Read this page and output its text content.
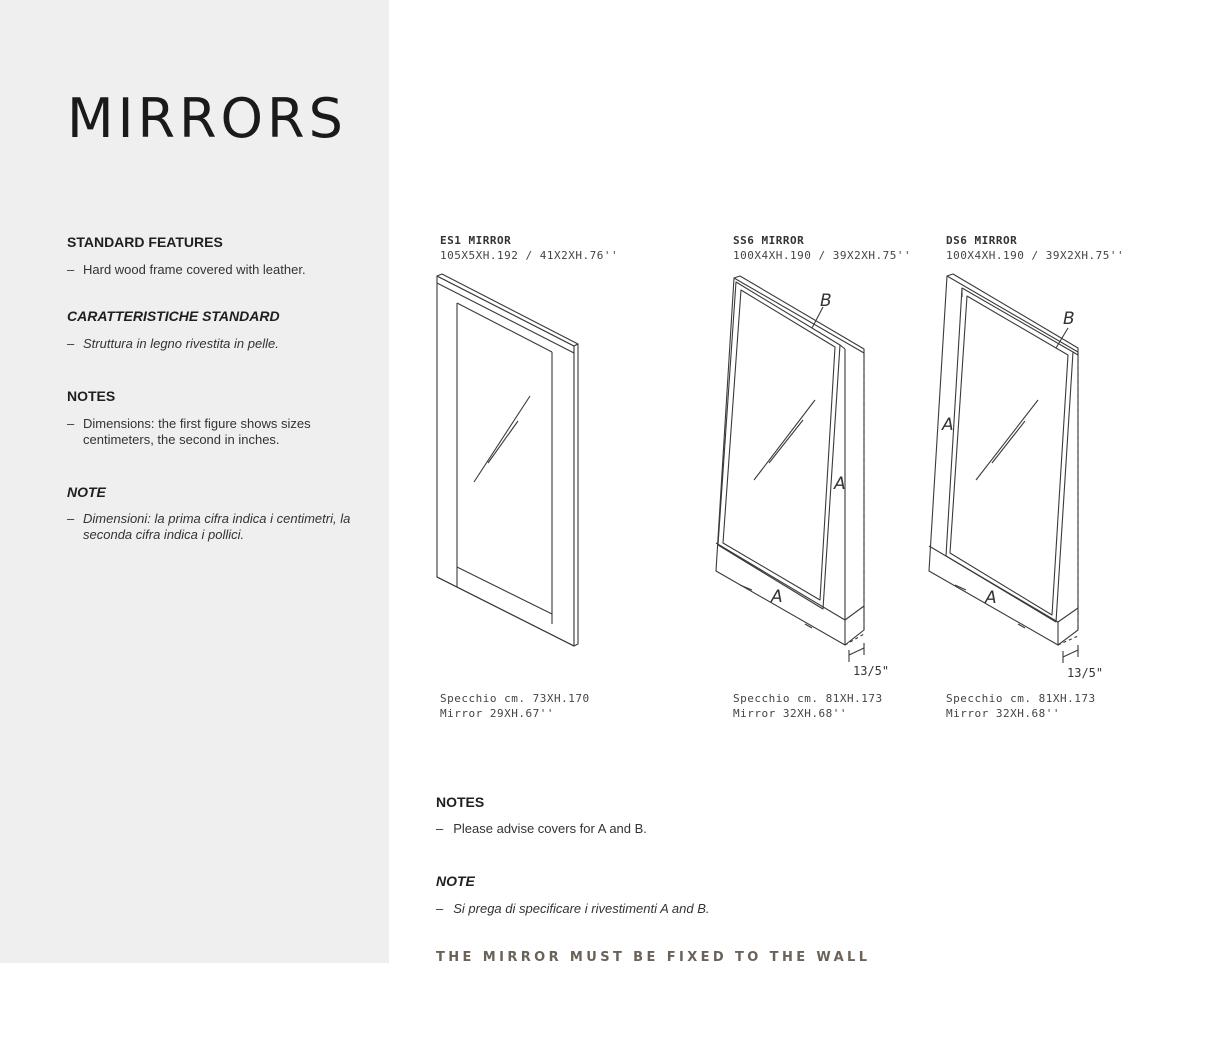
MIRRORS

STANDARD FEATURES

– Hard wood frame covered with leather.

CARATTERISTICHE STANDARD

– Struttura in legno rivestita in pelle.

NOTES

– Dimensions: the first figure shows sizes centimeters, the second in inches.

NOTE

– Dimensioni: la prima cifra indica i centimetri, la seconda cifra indica i pollici.

ES1 MIRROR
105X5XH.192 / 41X2XH.76''

SS6 MIRROR
100X4XH.190 / 39X2XH.75''

DS6 MIRROR
100X4XH.190 / 39X2XH.75''

B
A
A
B
A
A
13/5"	13/5"

Specchio cm. 73XH.170
Mirror 29XH.67''

Specchio cm. 81XH.173
Mirror 32XH.68''

Specchio cm. 81XH.173
Mirror 32XH.68''

NOTES

– Please advise covers for A and B.

NOTE

– Si prega di specificare i rivestimenti A and B.

THE MIRROR MUST BE FIXED TO THE WALL
